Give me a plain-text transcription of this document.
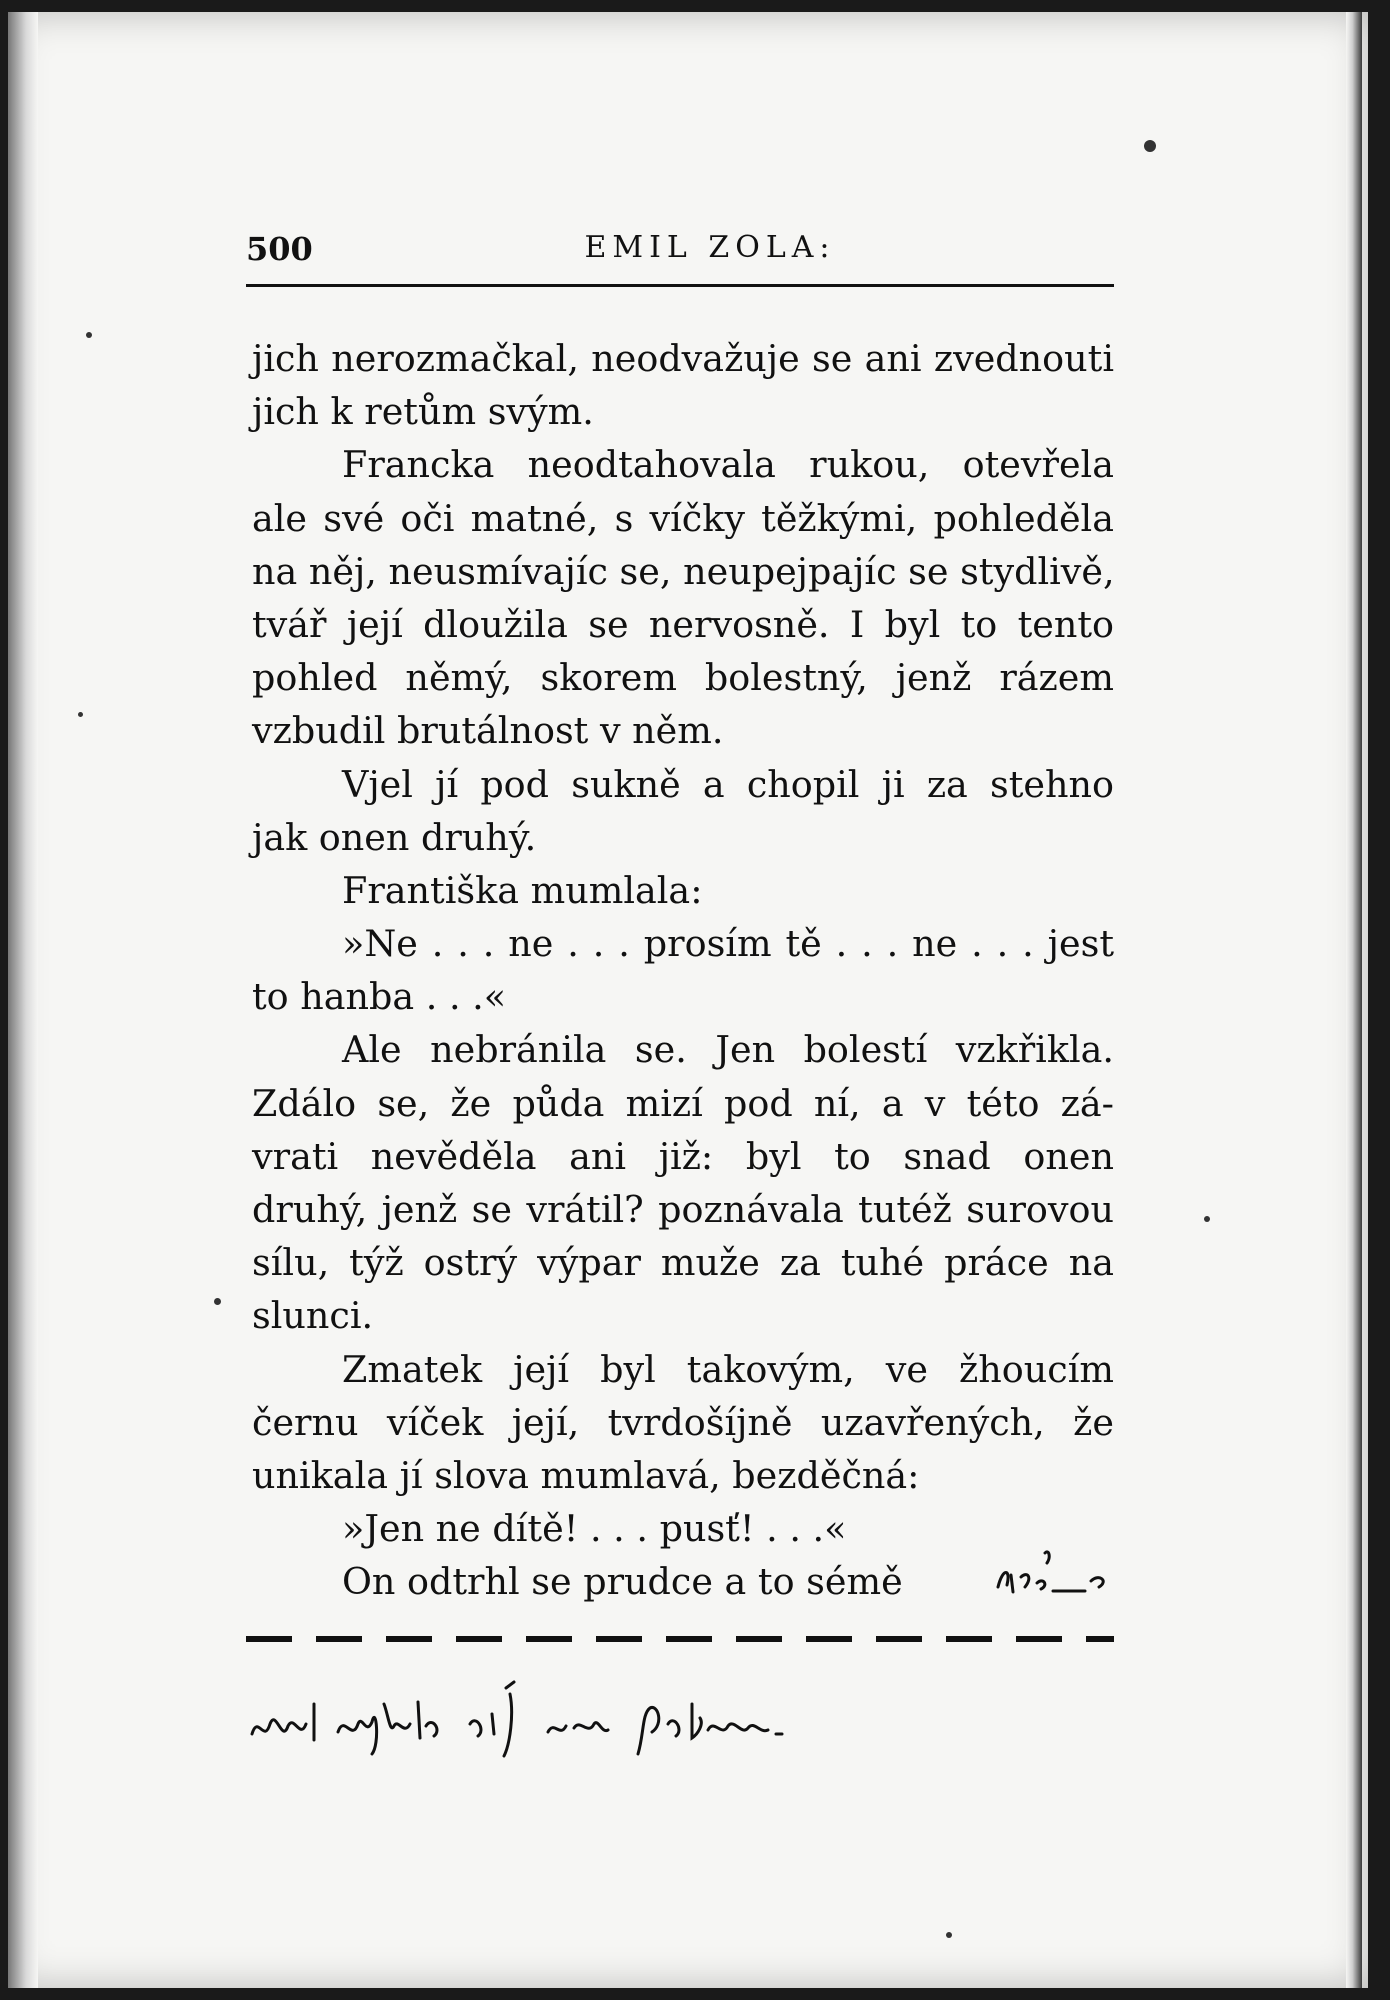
500	EMIL ZOLA:
jich nerozmačkal, neodvažuje se ani zvednouti
jich k retům svým.
Francka neodtahovala rukou, otevřela
ale své oči matné, s víčky těžkými, pohleděla
na něj, neusmívajíc se, neupejpajíc se stydlivě,
tvář její dloužila se nervosně. I byl to tento
pohled němý, skorem bolestný, jenž rázem
vzbudil brutálnost v něm.
Vjel jí pod sukně a chopil ji za stehno
jak onen druhý.
Františka mumlala:
»Ne . . . ne . . . prosím tě . . . ne . . . jest
to hanba . . .«
Ale nebránila se. Jen bolestí vzkřikla.
Zdálo se, že půda mizí pod ní, a v této zá-
vrati nevěděla ani již: byl to snad onen
druhý, jenž se vrátil? poznávala tutéž surovou
sílu, týž ostrý výpar muže za tuhé práce na
slunci.
Zmatek její byl takovým, ve žhoucím
černu víček její, tvrdošíjně uzavřených, že
unikala jí slova mumlavá, bezděčná:
»Jen ne dítě! . . . pusť! . . .«
On odtrhl se prudce a to sémě
